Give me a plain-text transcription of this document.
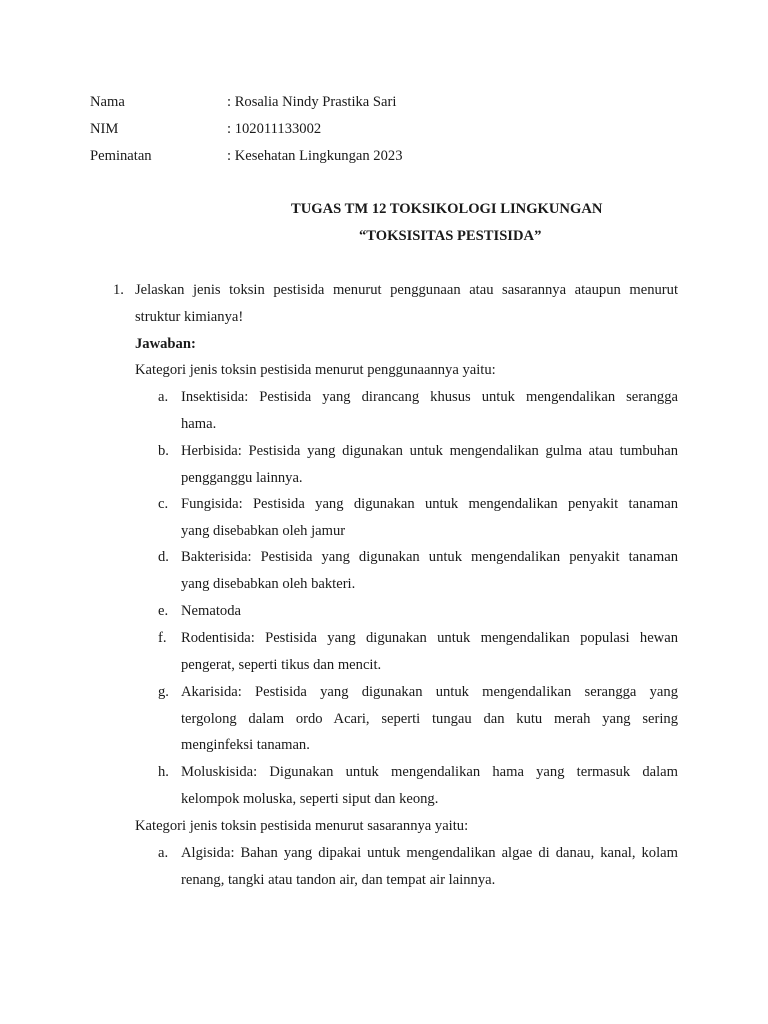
Nama	: Rosalia Nindy Prastika Sari
NIM	: 102011133002
Peminatan	: Kesehatan Lingkungan 2023
TUGAS TM 12 TOKSIKOLOGI LINGKUNGAN
“TOKSISITAS PESTISIDA”
1. Jelaskan jenis toksin pestisida menurut penggunaan atau sasarannya ataupun menurut
struktur kimianya!
Jawaban:
Kategori jenis toksin pestisida menurut penggunaannya yaitu:
a. Insektisida: Pestisida yang dirancang khusus untuk mengendalikan serangga
hama.
b. Herbisida: Pestisida yang digunakan untuk mengendalikan gulma atau tumbuhan
pengganggu lainnya.
c. Fungisida: Pestisida yang digunakan untuk mengendalikan penyakit tanaman
yang disebabkan oleh jamur
d. Bakterisida: Pestisida yang digunakan untuk mengendalikan penyakit tanaman
yang disebabkan oleh bakteri.
e. Nematoda
f. Rodentisida: Pestisida yang digunakan untuk mengendalikan populasi hewan
pengerat, seperti tikus dan mencit.
g. Akarisida: Pestisida yang digunakan untuk mengendalikan serangga yang
tergolong dalam ordo Acari, seperti tungau dan kutu merah yang sering
menginfeksi tanaman.
h. Moluskisida: Digunakan untuk mengendalikan hama yang termasuk dalam
kelompok moluska, seperti siput dan keong.
Kategori jenis toksin pestisida menurut sasarannya yaitu:
a. Algisida: Bahan yang dipakai untuk mengendalikan algae di danau, kanal, kolam
renang, tangki atau tandon air, dan tempat air lainnya.
